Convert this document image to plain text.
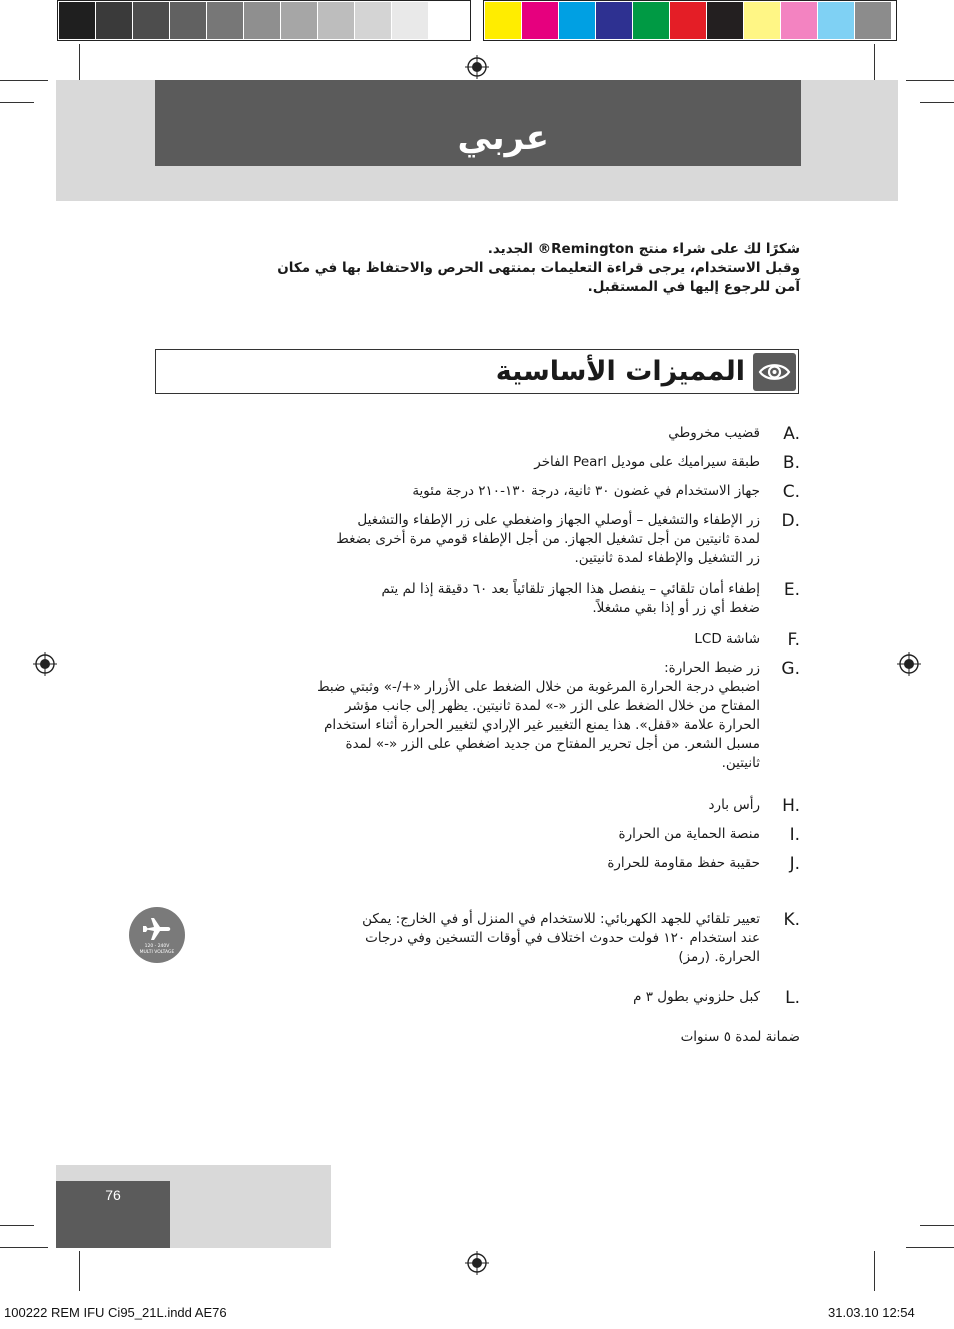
عربي
شكرًا لك على شراء منتج Remington® الجديد.
وقبل الاستخدام، يرجى قراءة التعليمات بمنتهى الحرص والاحتفاظ بها في مكان
آمن للرجوع إليها في المستقبل.
المميزات الأساسية
A.
قضيب مخروطي
B.
طبقة سيراميك على موديل Pearl الفاخر
C.
جهاز الاستخدام في غضون ٣٠ ثانية، درجة ١٣٠-٢١٠ درجة مئوية
D.
زر الإطفاء والتشغيل – أوصلي الجهاز واضغطي على زر الإطفاء والتشغيل
لمدة ثانيتين من أجل تشغيل الجهاز. من أجل الإطفاء قومي مرة أخرى بضغط
زر التشغيل والإطفاء لمدة ثانيتين.
E.
إطفاء أمان تلقائي – ينفصل هذا الجهاز تلقائياً بعد ٦٠ دقيقة إذا لم يتم
ضغط أي زر أو إذا بقي مشغلاً.
F.
شاشة LCD
G.
زر ضبط الحرارة:
اضبطي درجة الحرارة المرغوبة من خلال الضغط على الأزرار «+/-» وثبتي ضبط
المفتاح من خلال الضغط على الزر «-» لمدة ثانيتين. يظهر إلى جانب مؤشر
الحرارة علامة «قفل». هذا يمنع التغيير غير الإرادي لتغيير الحرارة أثناء استخدام
مسبل الشعر. من أجل تحرير المفتاح من جديد اضغطي على الزر «-» لمدة
ثانيتين.
H.
رأس بارد
I.
منصة الحماية من الحرارة
J.
حقيبة حفظ مقاومة للحرارة
K.
تعيير تلقائي للجهد الكهربائي: للاستخدام في المنزل أو في الخارج: يمكن
عند استخدام ١٢٠ فولت حدوث اختلاف في أوقات التسخين وفي درجات
الحرارة. (رمز)
L.
كبل حلزوني بطول ٣ م
120 - 240V
MULTI VOLTAGE
ضمانة لمدة ٥ سنوات
76
100222 REM IFU Ci95_21L.indd AE76	31.03.10 12:54
